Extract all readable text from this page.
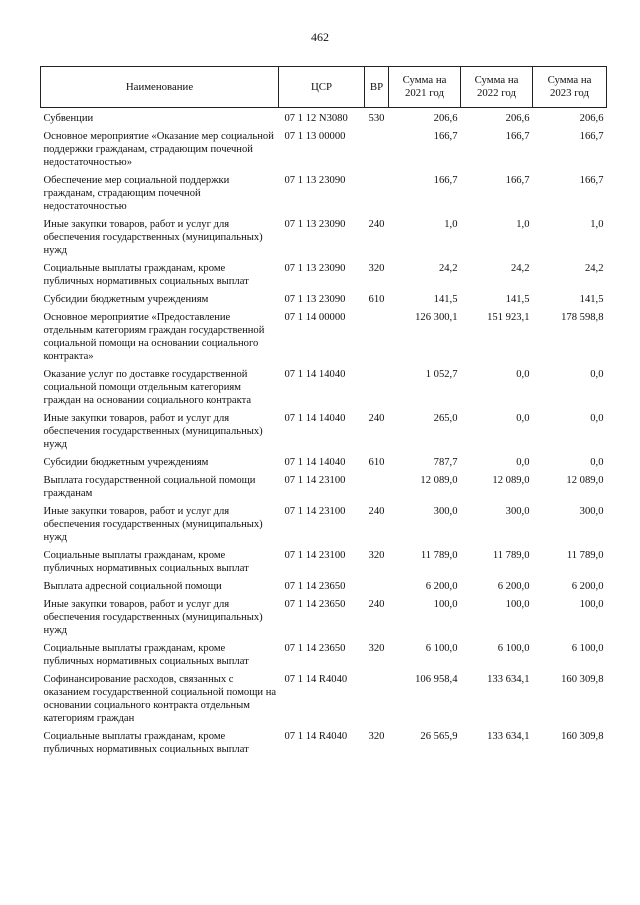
462
Наименование	ЦСР	ВР	Сумма на 2021 год	Сумма на 2022 год	Сумма на 2023 год
Субвенции	07 1 12 N3080	530	206,6	206,6	206,6
Основное мероприятие «Оказание мер социальной поддержки гражданам, страдающим почечной недостаточностью»	07 1 13 00000		166,7	166,7	166,7
Обеспечение мер социальной поддержки гражданам, страдающим почечной недостаточностью	07 1 13 23090		166,7	166,7	166,7
Иные закупки товаров, работ и услуг для обеспечения государственных (муниципальных) нужд	07 1 13 23090	240	1,0	1,0	1,0
Социальные выплаты гражданам, кроме публичных нормативных социальных выплат	07 1 13 23090	320	24,2	24,2	24,2
Субсидии бюджетным учреждениям	07 1 13 23090	610	141,5	141,5	141,5
Основное мероприятие «Предоставление отдельным категориям граждан государственной социальной помощи на основании социального контракта»	07 1 14 00000		126 300,1	151 923,1	178 598,8
Оказание услуг по доставке государственной социальной помощи отдельным категориям граждан на основании социального контракта	07 1 14 14040		1 052,7	0,0	0,0
Иные закупки товаров, работ и услуг для обеспечения государственных (муниципальных) нужд	07 1 14 14040	240	265,0	0,0	0,0
Субсидии бюджетным учреждениям	07 1 14 14040	610	787,7	0,0	0,0
Выплата государственной социальной помощи гражданам	07 1 14 23100		12 089,0	12 089,0	12 089,0
Иные закупки товаров, работ и услуг для обеспечения государственных (муниципальных) нужд	07 1 14 23100	240	300,0	300,0	300,0
Социальные выплаты гражданам, кроме публичных нормативных социальных выплат	07 1 14 23100	320	11 789,0	11 789,0	11 789,0
Выплата адресной социальной помощи	07 1 14 23650		6 200,0	6 200,0	6 200,0
Иные закупки товаров, работ и услуг для обеспечения государственных (муниципальных) нужд	07 1 14 23650	240	100,0	100,0	100,0
Социальные выплаты гражданам, кроме публичных нормативных социальных выплат	07 1 14 23650	320	6 100,0	6 100,0	6 100,0
Софинансирование расходов, связанных с оказанием государственной социальной помощи на основании социального контракта отдельным категориям граждан	07 1 14 R4040		106 958,4	133 634,1	160 309,8
Социальные выплаты гражданам, кроме публичных нормативных социальных выплат	07 1 14 R4040	320	26 565,9	133 634,1	160 309,8
